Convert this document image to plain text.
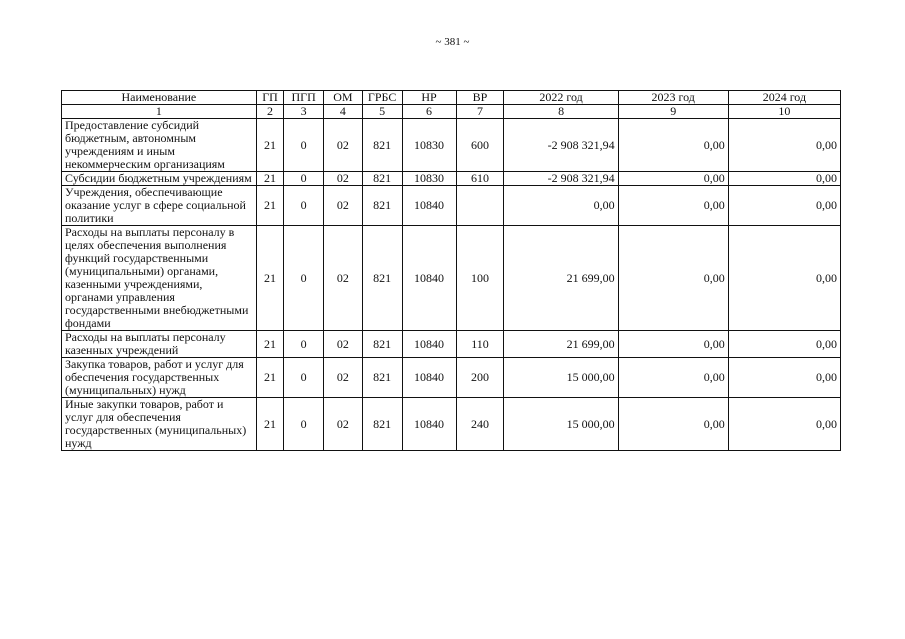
~ 381 ~
Наименование	ГП	ПГП	ОМ	ГРБС	НР	ВР	2022 год	2023 год	2024 год
1	2	3	4	5	6	7	8	9	10
Предоставление субсидий бюджетным, автономным учреждениям и иным некоммерческим организациям	21	0	02	821	10830	600	-2 908 321,94	0,00	0,00
Субсидии бюджетным учреждениям	21	0	02	821	10830	610	-2 908 321,94	0,00	0,00
Учреждения, обеспечивающие оказание услуг в сфере социальной политики	21	0	02	821	10840		0,00	0,00	0,00
Расходы на выплаты персоналу в целях обеспечения выполнения функций государственными (муниципальными) органами, казенными учреждениями, органами управления государственными внебюджетными фондами	21	0	02	821	10840	100	21 699,00	0,00	0,00
Расходы на выплаты персоналу казенных учреждений	21	0	02	821	10840	110	21 699,00	0,00	0,00
Закупка товаров, работ и услуг для обеспечения государственных (муниципальных) нужд	21	0	02	821	10840	200	15 000,00	0,00	0,00
Иные закупки товаров, работ и услуг для обеспечения государственных (муниципальных) нужд	21	0	02	821	10840	240	15 000,00	0,00	0,00
